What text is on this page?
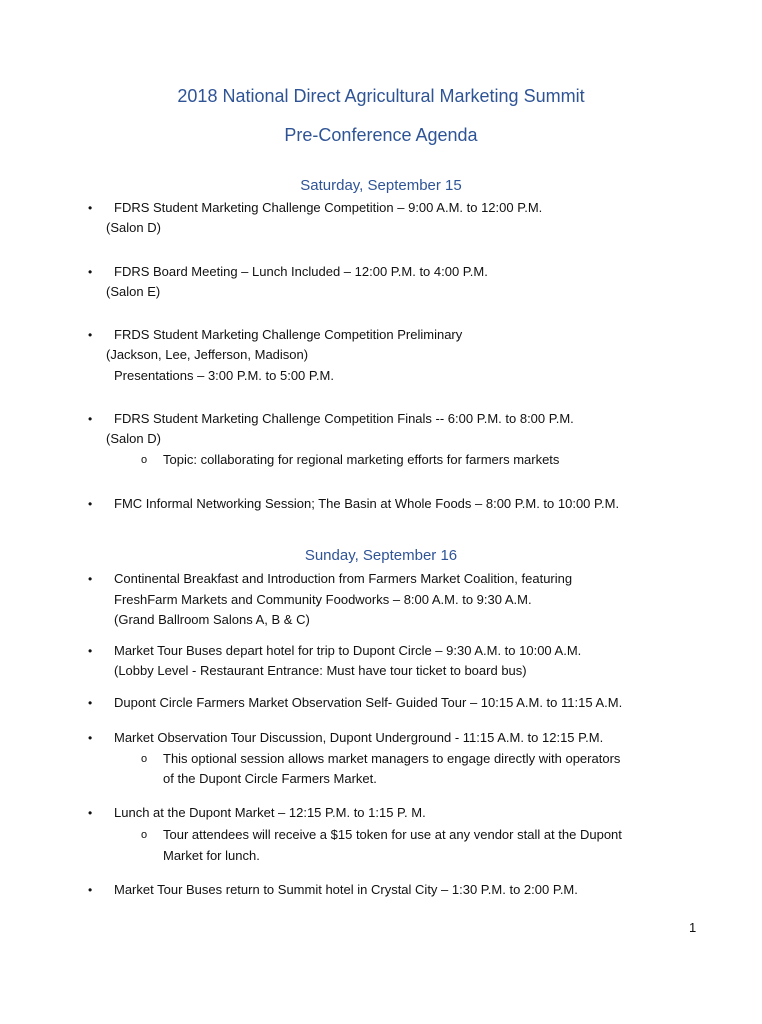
2018 National Direct Agricultural Marketing Summit
Pre-Conference Agenda
Saturday, September 15
• FDRS Student Marketing Challenge Competition – 9:00 A.M. to 12:00 P.M.
(Salon D)
• FDRS Board Meeting – Lunch Included – 12:00 P.M. to 4:00 P.M.
(Salon E)
• FRDS Student Marketing Challenge Competition Preliminary
(Jackson, Lee, Jefferson, Madison)
Presentations – 3:00 P.M. to 5:00 P.M.
• FDRS Student Marketing Challenge Competition Finals -- 6:00 P.M. to 8:00 P.M.
(Salon D)
o Topic: collaborating for regional marketing efforts for farmers markets
• FMC Informal Networking Session; The Basin at Whole Foods – 8:00 P.M. to 10:00 P.M.
Sunday, September 16
• Continental Breakfast and Introduction from Farmers Market Coalition, featuring
FreshFarm Markets and Community Foodworks – 8:00 A.M. to 9:30 A.M.
(Grand Ballroom Salons A, B & C)
• Market Tour Buses depart hotel for trip to Dupont Circle – 9:30 A.M. to 10:00 A.M.
(Lobby Level - Restaurant Entrance: Must have tour ticket to board bus)
• Dupont Circle Farmers Market Observation Self- Guided Tour – 10:15 A.M. to 11:15 A.M.
• Market Observation Tour Discussion, Dupont Underground - 11:15 A.M. to 12:15 P.M.
o This optional session allows market managers to engage directly with operators
of the Dupont Circle Farmers Market.
• Lunch at the Dupont Market – 12:15 P.M. to 1:15 P. M.
o Tour attendees will receive a $15 token for use at any vendor stall at the Dupont
Market for lunch.
• Market Tour Buses return to Summit hotel in Crystal City – 1:30 P.M. to 2:00 P.M.
1
